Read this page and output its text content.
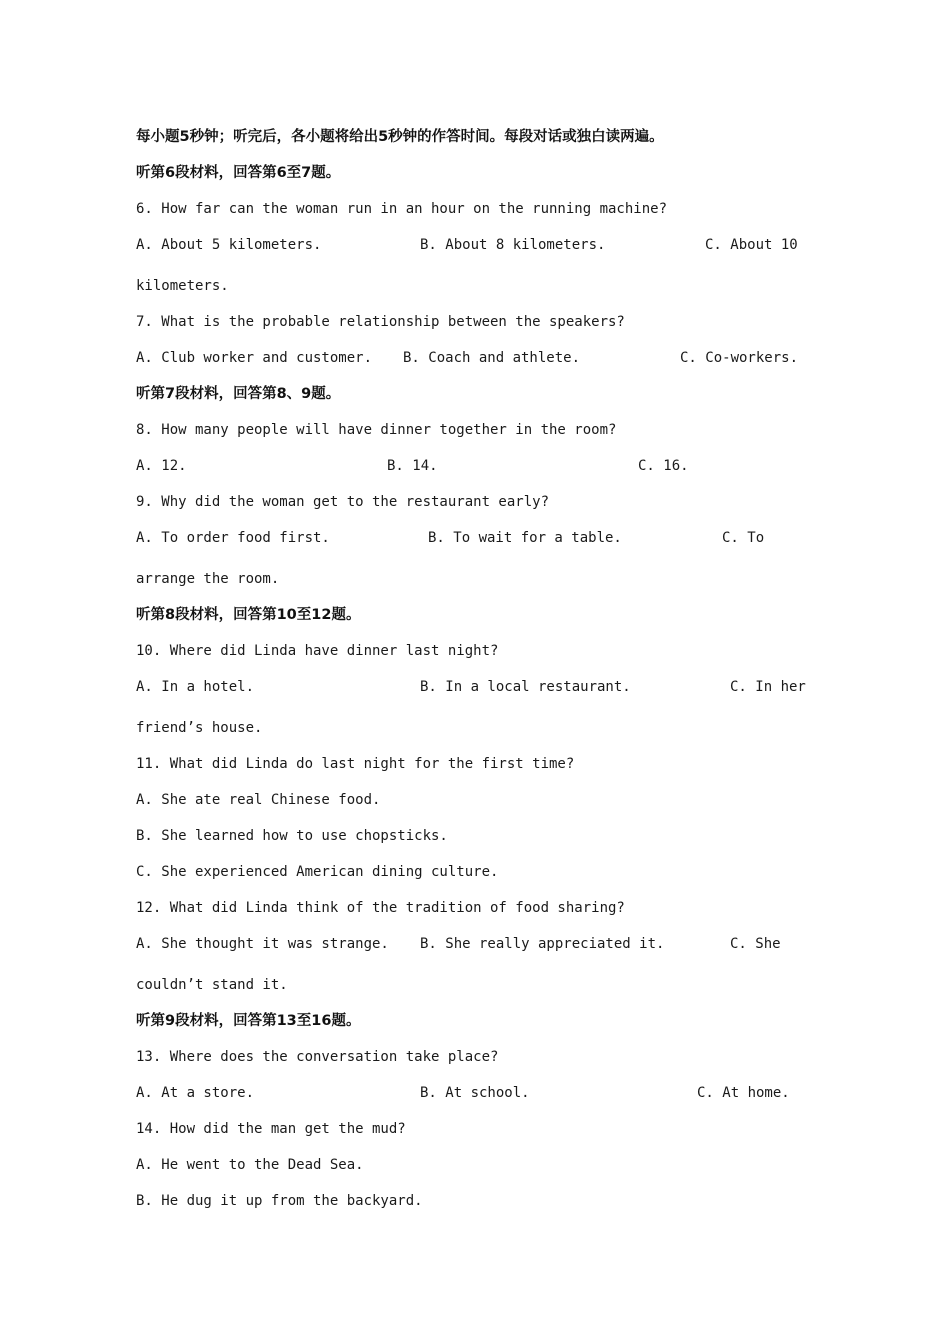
每小题5秒钟；听完后，各小题将给出5秒钟的作答时间。每段对话或独白读两遍。
听第6段材料，回答第6至7题。
6. How far can the woman run in an hour on the running machine?
A. About 5 kilometers.	B. About 8 kilometers.	C. About 10
kilometers.
7. What is the probable relationship between the speakers?
A. Club worker and customer. B. Coach and athlete.	C. Co-workers.
听第7段材料，回答第8、9题。
8. How many people will have dinner together in the room?
A. 12.	B. 14.	C. 16.
9. Why did the woman get to the restaurant early?
A. To order food first.	B. To wait for a table.	C. To
arrange the room.
听第8段材料，回答第10至12题。
10. Where did Linda have dinner last night?
A. In a hotel.	B. In a local restaurant.	C. In her
friend’s house.
11. What did Linda do last night for the first time?
A. She ate real Chinese food.
B. She learned how to use chopsticks.
C. She experienced American dining culture.
12. What did Linda think of the tradition of food sharing?
A. She thought it was strange. B. She really appreciated it.	C. She
couldn’t stand it.
听第9段材料，回答第13至16题。
13. Where does the conversation take place?
A. At a store.	B. At school.	C. At home.
14. How did the man get the mud?
A. He went to the Dead Sea.
B. He dug it up from the backyard.
